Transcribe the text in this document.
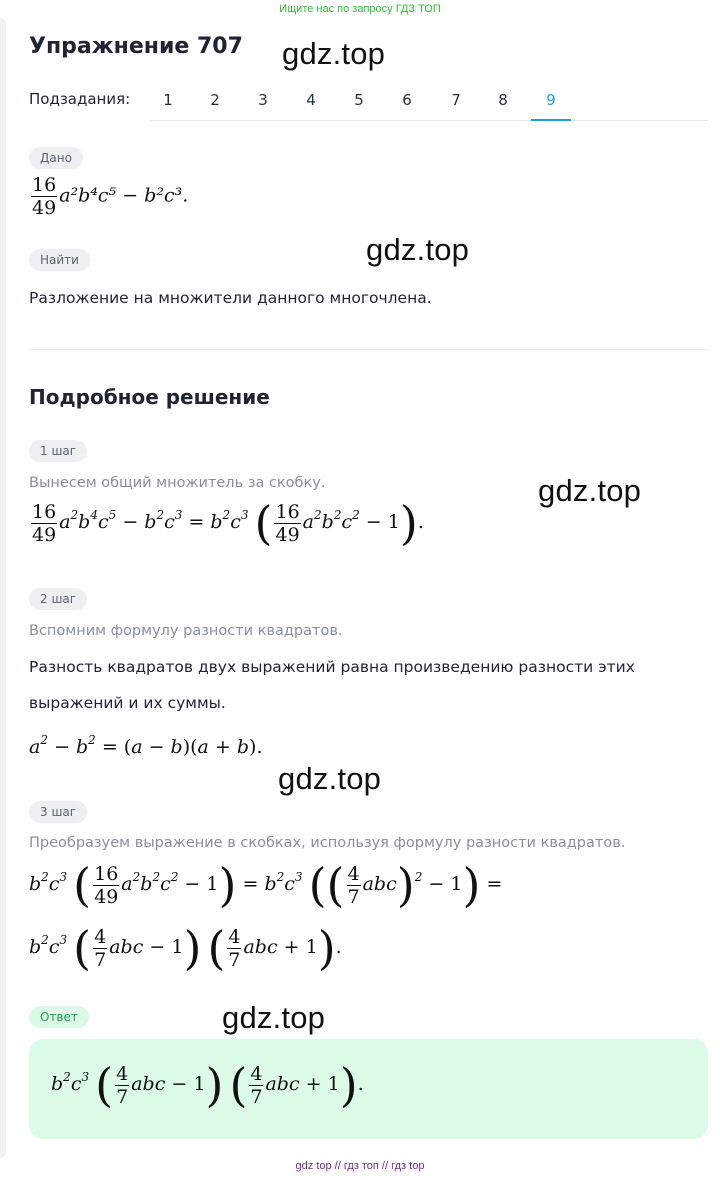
Ищите нас по запросу ГДЗ ТОП
gdz.top
gdz.top
gdz.top
gdz.top
gdz.top
Упражнение 707
Подзадания:	1	2	3	4	5	6	7	8	9
Дано
$\frac{16}{49} a^2b^4c^5 - b^2c^3$.
Найти
Разложение на множители данного многочлена.
Подробное решение
1 шаг
Вынесем общий множитель за скобку.
$\frac{16}{49} a^2b^4c^5 - b^2c^3 = b^2c^3$ ( $\frac{16}{49} a^2b^2c^2 - 1$).
2 шаг
Вспомним формулу разности квадратов.
Разность квадратов двух выражений равна произведению разности этих
выражений и их суммы.
$a^2 - b^2 = (a - b)(a + b)$.
3 шаг
Преобразуем выражение в скобках, используя формулу разности квадратов.
$b^2c^3$ ( $\frac{16}{49} a^2b^2c^2 - 1) = b^2c^3$ (( $\frac{4}{7} abc)^2 - 1$) =
$b^2c^3$ ( $\frac{4}{7}$ abc − 1) ( $\frac{4}{7}$ abc + 1).
Ответ
$b^2c^3$ ( $\frac{4}{7}$ abc − 1) ( $\frac{4}{7}$ abc + 1).
gdz top // гдз топ // гдз top
